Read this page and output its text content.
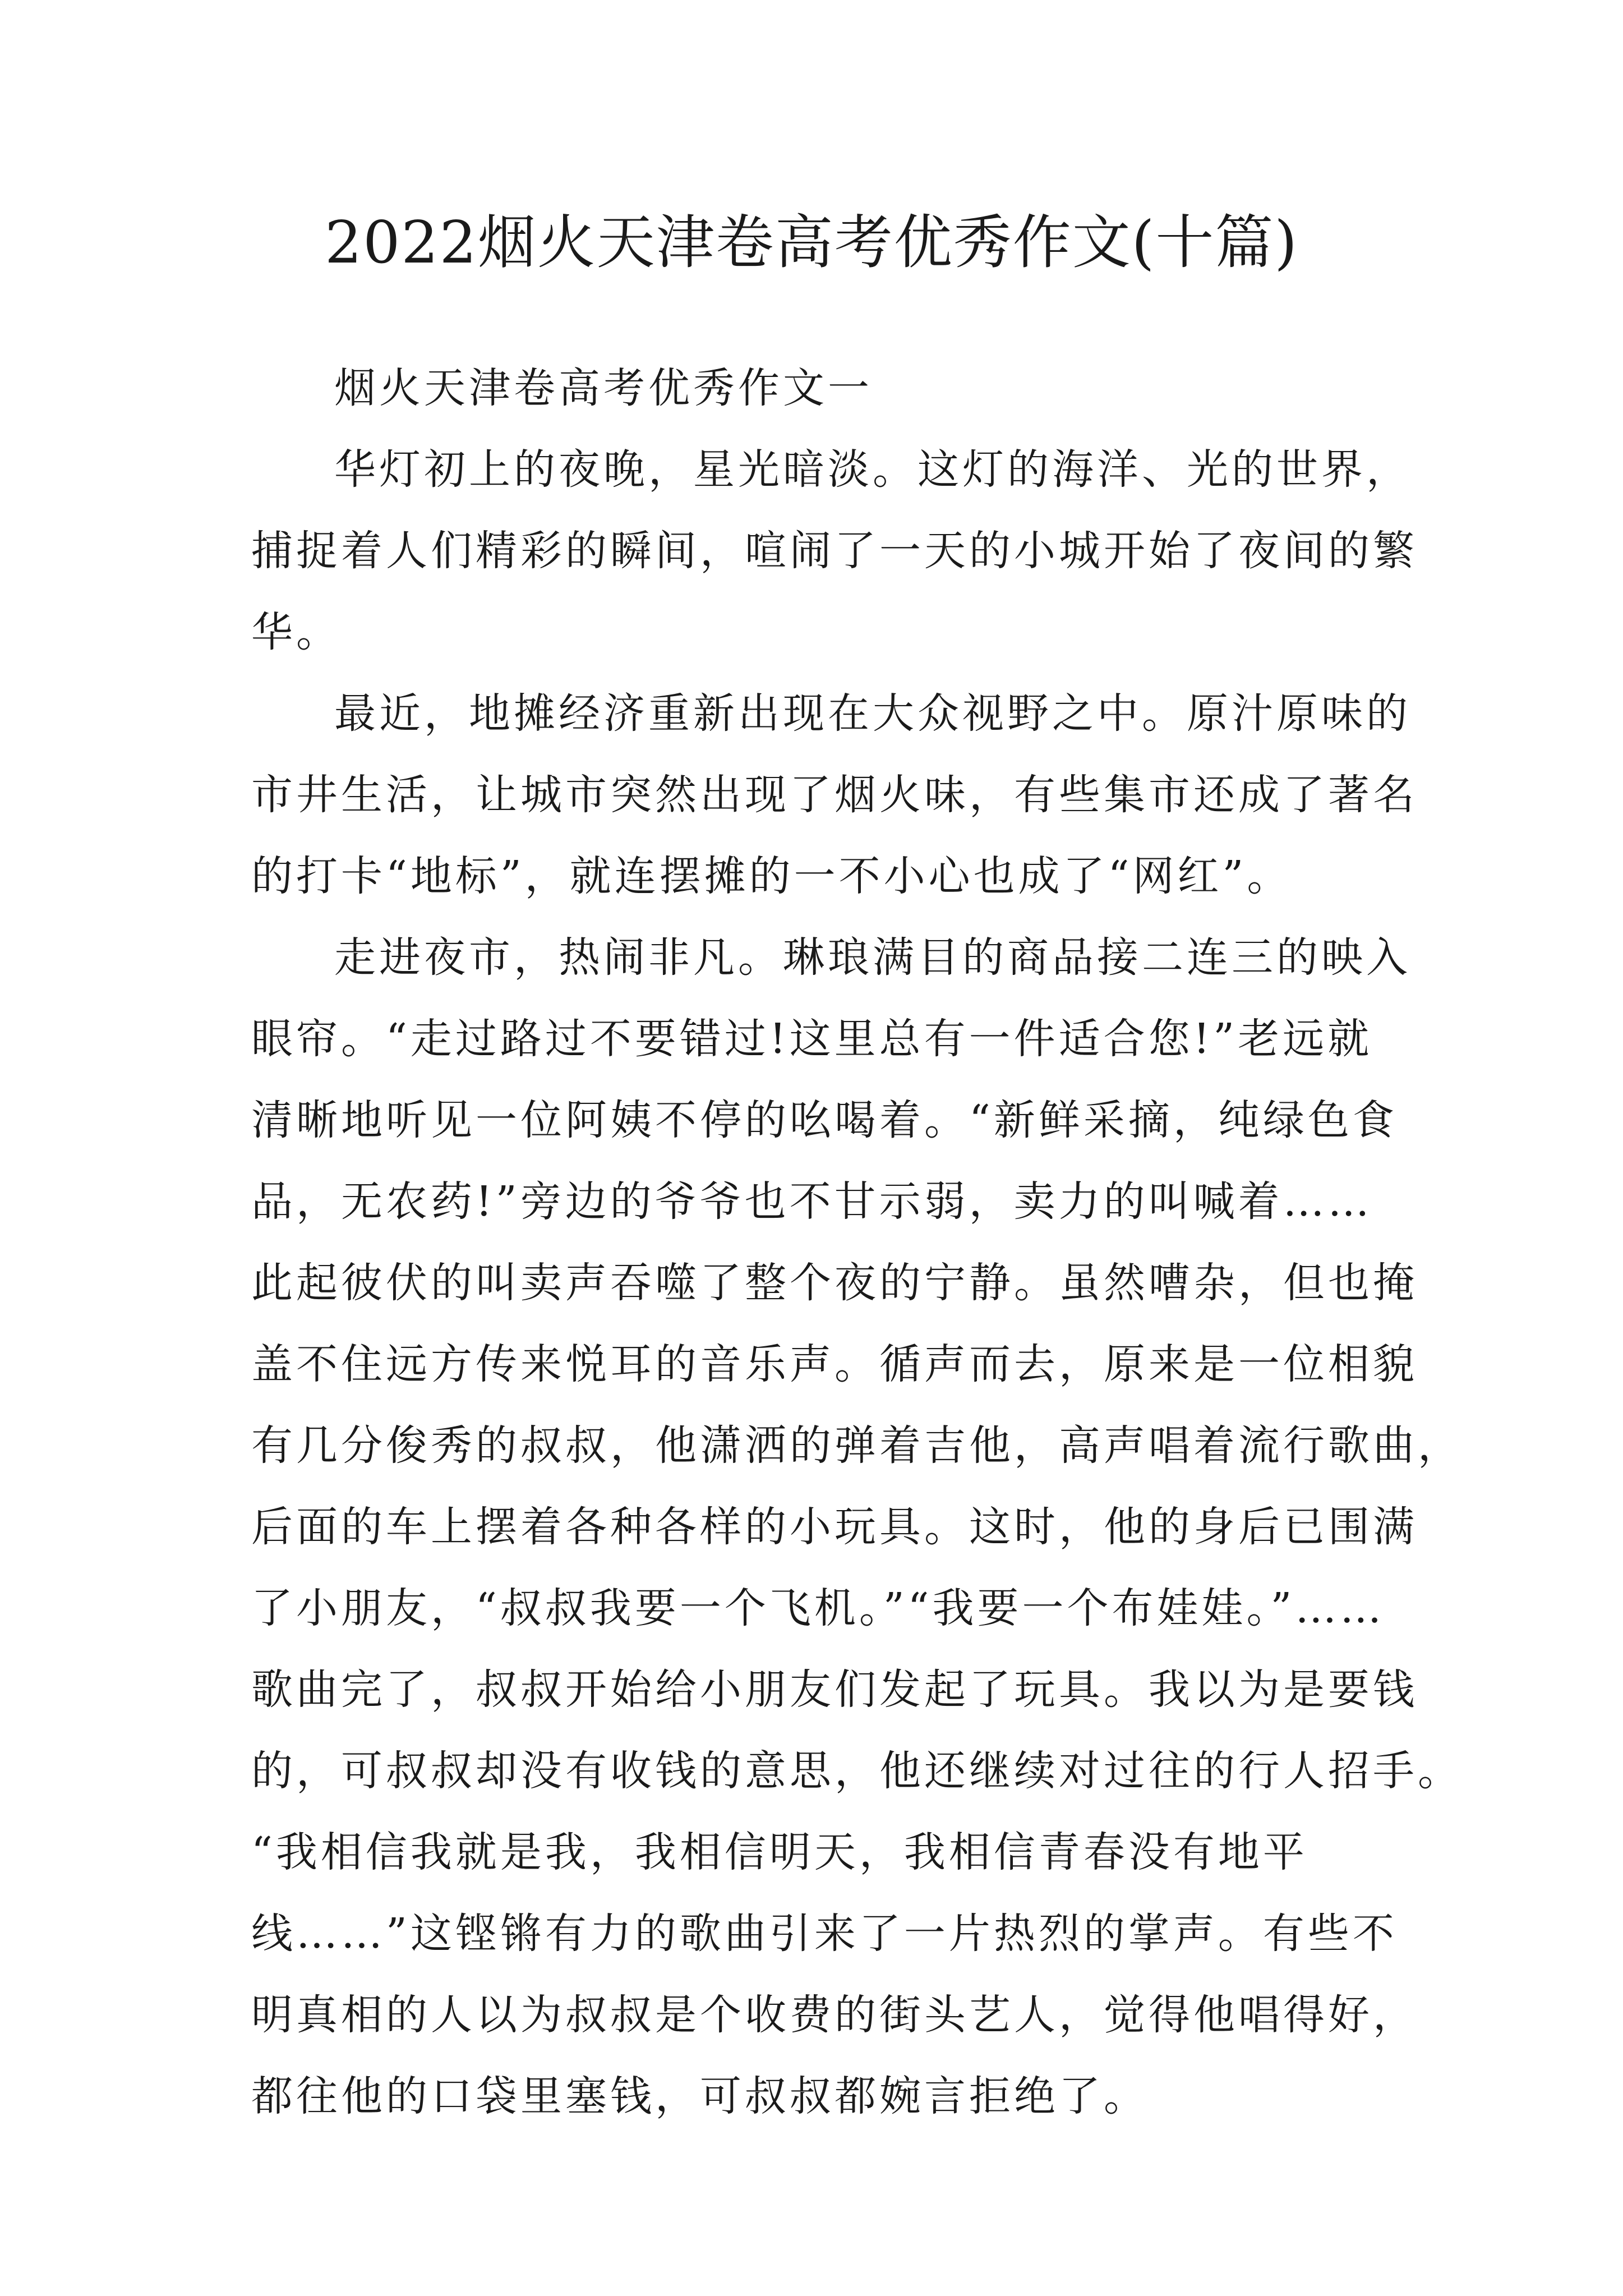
2022烟火天津卷高考优秀作文(十篇)
烟火天津卷高考优秀作文一
华灯初上的夜晚，星光暗淡。这灯的海洋、光的世界，
捕捉着人们精彩的瞬间，喧闹了一天的小城开始了夜间的繁
华。
最近，地摊经济重新出现在大众视野之中。原汁原味的
市井生活，让城市突然出现了烟火味，有些集市还成了著名
的打卡“地标”，就连摆摊的一不小心也成了“网红”。
走进夜市，热闹非凡。琳琅满目的商品接二连三的映入
眼帘。“走过路过不要错过!这里总有一件适合您!”老远就
清晰地听见一位阿姨不停的吆喝着。“新鲜采摘，纯绿色食
品，无农药!”旁边的爷爷也不甘示弱，卖力的叫喊着……
此起彼伏的叫卖声吞噬了整个夜的宁静。虽然嘈杂，但也掩
盖不住远方传来悦耳的音乐声。循声而去，原来是一位相貌
有几分俊秀的叔叔，他潇洒的弹着吉他，高声唱着流行歌曲，
后面的车上摆着各种各样的小玩具。这时，他的身后已围满
了小朋友，“叔叔我要一个飞机。”“我要一个布娃娃。”……
歌曲完了，叔叔开始给小朋友们发起了玩具。我以为是要钱
的，可叔叔却没有收钱的意思，他还继续对过往的行人招手。
“我相信我就是我，我相信明天，我相信青春没有地平
线……”这铿锵有力的歌曲引来了一片热烈的掌声。有些不
明真相的人以为叔叔是个收费的街头艺人，觉得他唱得好，
都往他的口袋里塞钱，可叔叔都婉言拒绝了。
